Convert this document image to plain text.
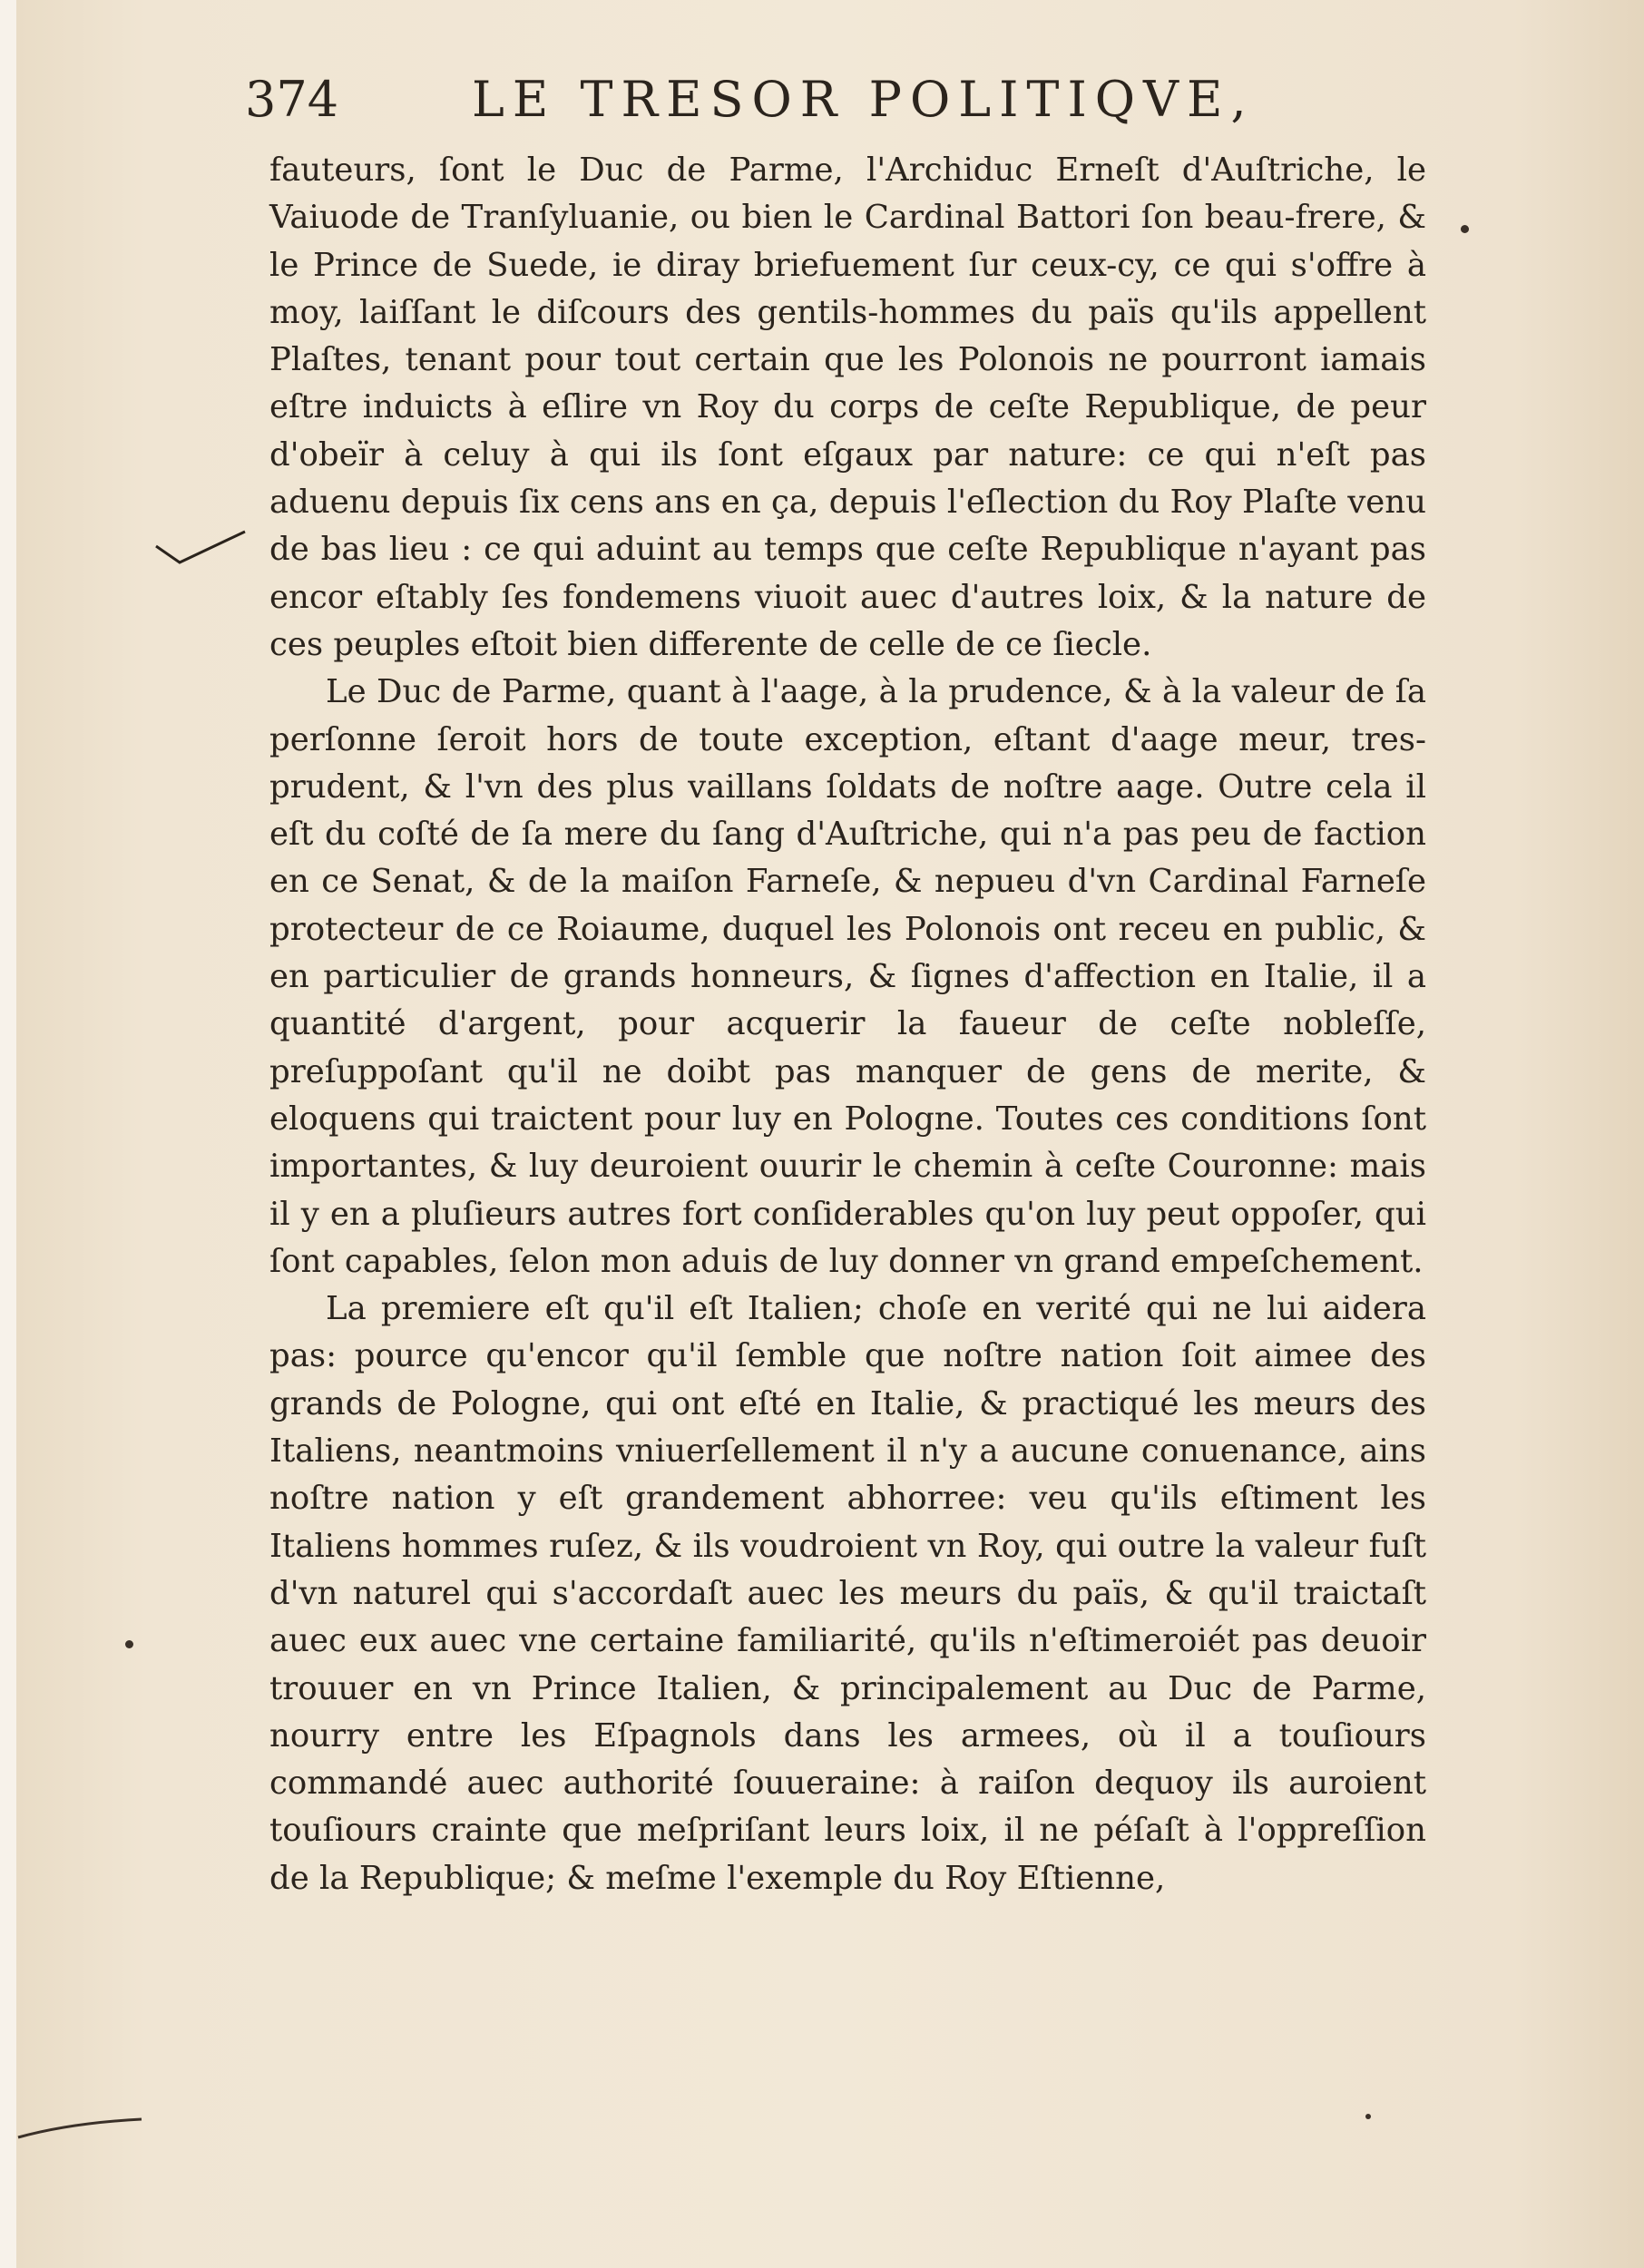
374	LE TRESOR POLITIQVE,

fauteurs, ſont le Duc de Parme, l'Archiduc Erneſt d'Auſtriche, le Vaiuode de Tranſyluanie, ou bien le Cardinal Battori ſon beau-frere, & le Prince de Suede, ie diray briefuement ſur ceux-cy, ce qui s'offre à moy, laiſſant le diſcours des gentils-hommes du païs qu'ils appellent Plaſtes, tenant pour tout certain que les Polonois ne pourront iamais eſtre induicts à eſlire vn Roy du corps de ceſte Republique, de peur d'obeïr à celuy à qui ils ſont eſgaux par nature: ce qui n'eſt pas aduenu depuis ſix cens ans en ça, depuis l'eſlection du Roy Plaſte venu de bas lieu : ce qui aduint au temps que ceſte Republique n'ayant pas encor eſtably ſes fondemens viuoit auec d'autres loix, & la nature de ces peuples eſtoit bien differente de celle de ce ſiecle.

Le Duc de Parme, quant à l'aage, à la prudence, & à la valeur de ſa perſonne ſeroit hors de toute exception, eſtant d'aage meur, tres-prudent, & l'vn des plus vaillans ſoldats de noſtre aage. Outre cela il eſt du coſté de ſa mere du ſang d'Auſtriche, qui n'a pas peu de faction en ce Senat, & de la maiſon Farneſe, & nepueu d'vn Cardinal Farneſe protecteur de ce Roiaume, duquel les Polonois ont receu en public, & en particulier de grands honneurs, & ſignes d'affection en Italie, il a quantité d'argent, pour acquerir la faueur de ceſte nobleſſe, preſuppoſant qu'il ne doibt pas manquer de gens de merite, & eloquens qui traictent pour luy en Pologne. Toutes ces conditions ſont importantes, & luy deuroient ouurir le chemin à ceſte Couronne: mais il y en a pluſieurs autres fort conſiderables qu'on luy peut oppoſer, qui ſont capables, ſelon mon aduis de luy donner vn grand empeſchement.

La premiere eſt qu'il eſt Italien; choſe en verité qui ne lui aidera pas: pource qu'encor qu'il ſemble que noſtre nation ſoit aimee des grands de Pologne, qui ont eſté en Italie, & practiqué les meurs des Italiens, neantmoins vniuerſellement il n'y a aucune conuenance, ains noſtre nation y eſt grandement abhorree: veu qu'ils eſtiment les Italiens hommes ruſez, & ils voudroient vn Roy, qui outre la valeur fuſt d'vn naturel qui s'accordaſt auec les meurs du païs, & qu'il traictaſt auec eux auec vne certaine familiarité, qu'ils n'eſtimeroiét pas deuoir trouuer en vn Prince Italien, & principalement au Duc de Parme, nourry entre les Eſpagnols dans les armees, où il a touſiours commandé auec authorité ſouueraine: à raiſon dequoy ils auroient touſiours crainte que meſpriſant leurs loix, il ne péſaſt à l'oppreſſion de la Republique; & meſme l'exemple du Roy Eſtienne,
